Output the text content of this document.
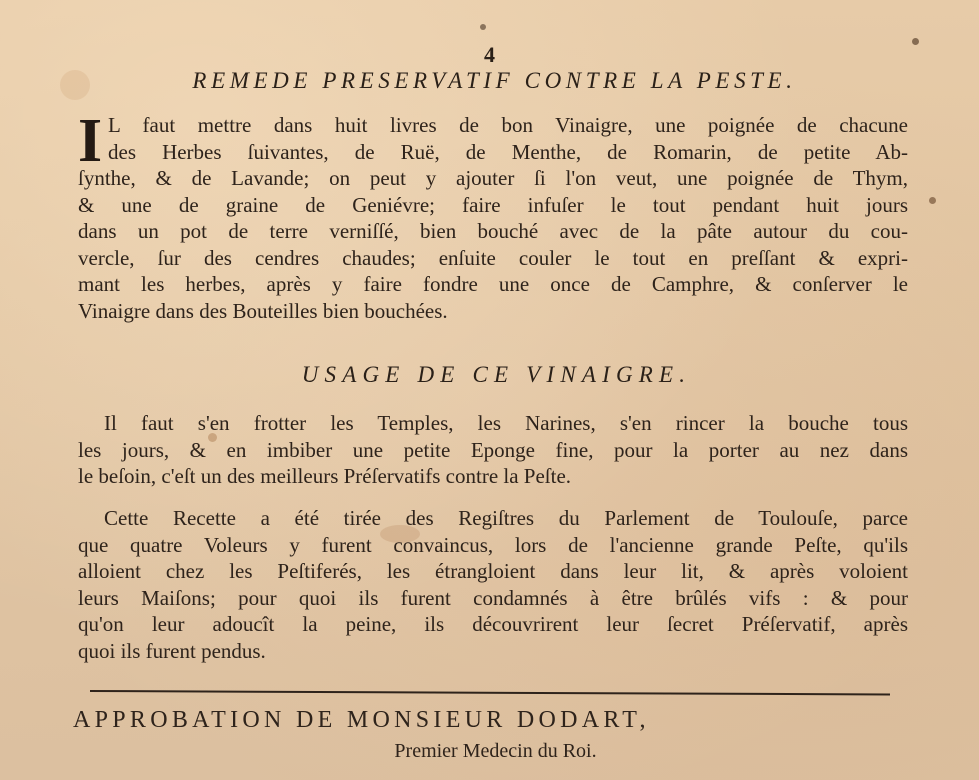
4
REMEDE PRESERVATIF CONTRE LA PESTE.
I L faut mettre dans huit livres de bon Vinaigre, une poignée de chacune
des Herbes ſuivantes, de Ruë, de Menthe, de Romarin, de petite Ab-
ſynthe, & de Lavande; on peut y ajouter ſi l'on veut, une poignée de Thym,
& une de graine de Geniévre; faire infuſer le tout pendant huit jours
dans un pot de terre verniſſé, bien bouché avec de la pâte autour du cou-
vercle, ſur des cendres chaudes; enſuite couler le tout en preſſant & expri-
mant les herbes, après y faire fondre une once de Camphre, & conſerver le
Vinaigre dans des Bouteilles bien bouchées.
USAGE DE CE VINAIGRE.
Il faut s'en frotter les Temples, les Narines, s'en rincer la bouche tous
les jours, & en imbiber une petite Eponge fine, pour la porter au nez dans
le beſoin, c'eſt un des meilleurs Préſervatifs contre la Peſte.
Cette Recette a été tirée des Regiſtres du Parlement de Toulouſe, parce
que quatre Voleurs y furent convaincus, lors de l'ancienne grande Peſte, qu'ils
alloient chez les Peſtiferés, les étrangloient dans leur lit, & après voloient
leurs Maiſons; pour quoi ils furent condamnés à être brûlés vifs : & pour
qu'on leur adoucît la peine, ils découvrirent leur ſecret Préſervatif, après
quoi ils furent pendus.
APPROBATION DE MONSIEUR DODART,
Premier Medecin du Roi.
